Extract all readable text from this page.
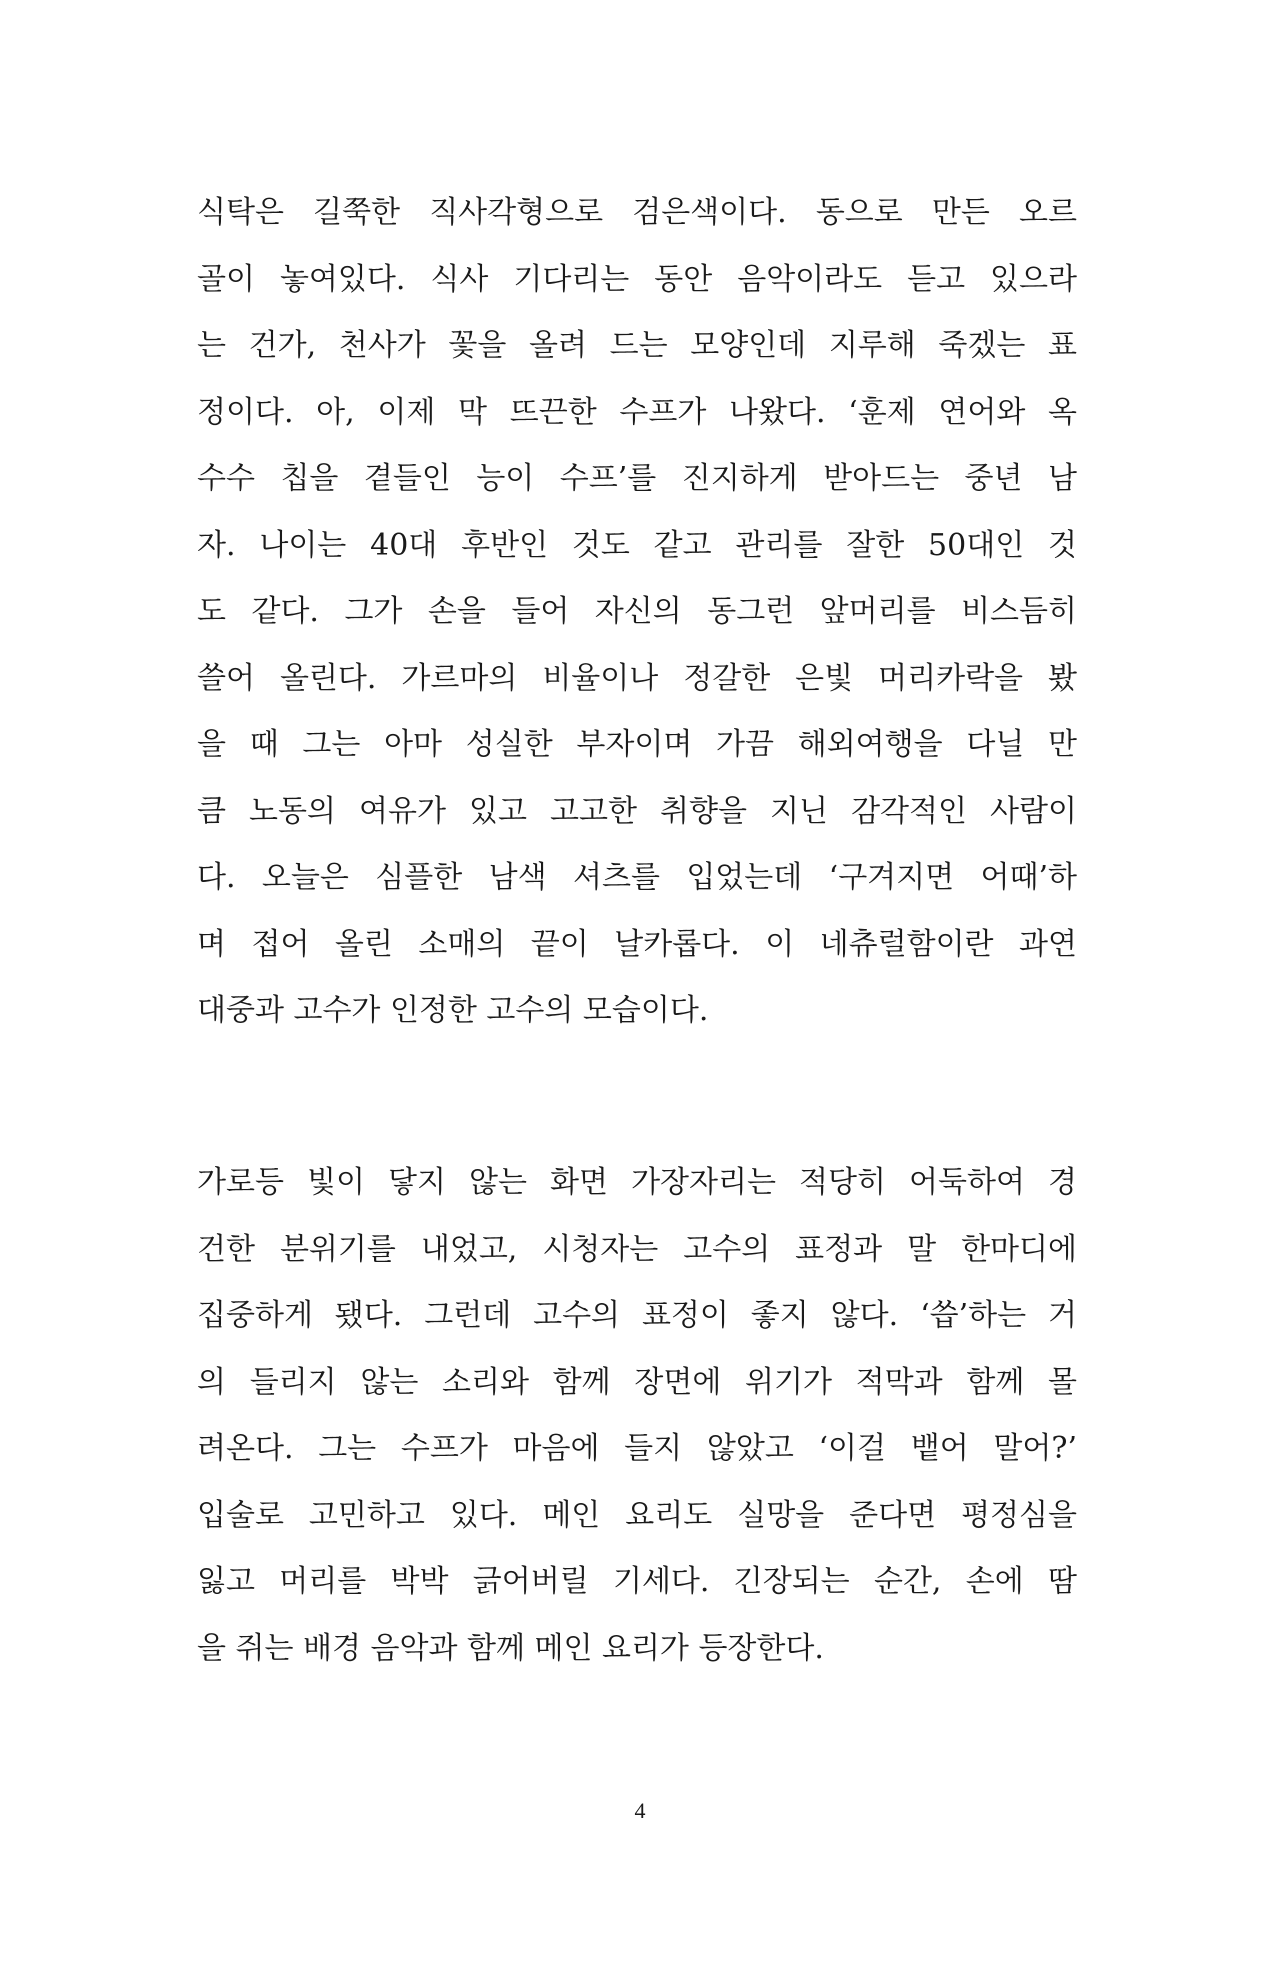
식탁은 길쭉한 직사각형으로 검은색이다. 동으로 만든 오르
골이 놓여있다. 식사 기다리는 동안 음악이라도 듣고 있으라
는 건가, 천사가 꽃을 올려 드는 모양인데 지루해 죽겠는 표
정이다. 아, 이제 막 뜨끈한 수프가 나왔다. ‘훈제 연어와 옥
수수 칩을 곁들인 능이 수프’를 진지하게 받아드는 중년 남
자. 나이는 40대 후반인 것도 같고 관리를 잘한 50대인 것
도 같다. 그가 손을 들어 자신의 동그런 앞머리를 비스듬히
쓸어 올린다. 가르마의 비율이나 정갈한 은빛 머리카락을 봤
을 때 그는 아마 성실한 부자이며 가끔 해외여행을 다닐 만
큼 노동의 여유가 있고 고고한 취향을 지닌 감각적인 사람이
다. 오늘은 심플한 남색 셔츠를 입었는데 ‘구겨지면 어때’하
며 접어 올린 소매의 끝이 날카롭다. 이 네츄럴함이란 과연
대중과 고수가 인정한 고수의 모습이다.
가로등 빛이 닿지 않는 화면 가장자리는 적당히 어둑하여 경
건한 분위기를 내었고, 시청자는 고수의 표정과 말 한마디에
집중하게 됐다. 그런데 고수의 표정이 좋지 않다. ‘씁’하는 거
의 들리지 않는 소리와 함께 장면에 위기가 적막과 함께 몰
려온다. 그는 수프가 마음에 들지 않았고 ‘이걸 뱉어 말어?’
입술로 고민하고 있다. 메인 요리도 실망을 준다면 평정심을
잃고 머리를 박박 긁어버릴 기세다. 긴장되는 순간, 손에 땀
을 쥐는 배경 음악과 함께 메인 요리가 등장한다.
4
